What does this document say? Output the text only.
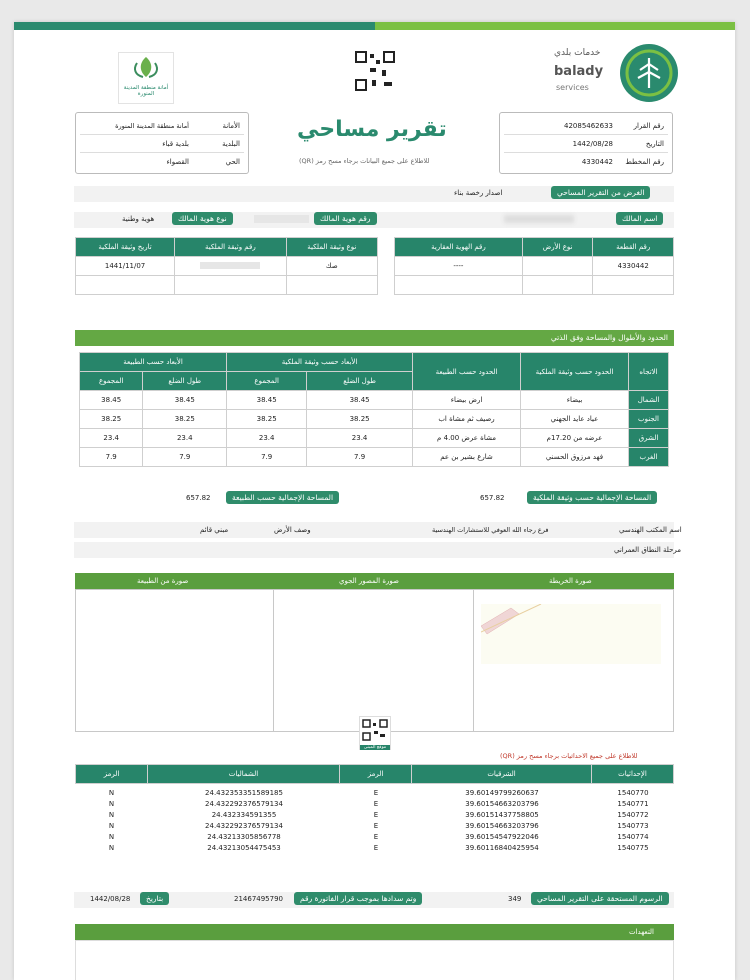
خدمات بلدي
balady
services
أمانة منطقة المدينة المنورة
تقرير مساحي
للاطلاع على جميع البيانات برجاء مسح رمز (QR)
رقم القرار
42085462633
التاريخ
1442/08/28
رقم المخطط
4330442
الأمانة
أمانة منطقة المدينة المنورة
البلدية
بلدية قباء
الحي
القصواء
الغرض من التقرير المساحي
اصدار رخصة بناء
اسم المالك
رقم هوية المالك
نوع هوية المالك
هوية وطنية
نوع وثيقة الملكية	رقم وثيقة الملكية	تاريخ وثيقة الملكية
صك		1441/11/07

رقم القطعة	نوع الأرض	رقم الهوية العقارية
4330442		----

الحدود والأطوال والمساحة وفق الذتي
الاتجاه	الحدود حسب وثيقة الملكية	الحدود حسب الطبيعة	الأبعاد حسب وثيقة الملكية		الأبعاد حسب الطبيعة	
			طول الضلع	المجموع	طول الضلع	المجموع
الشمال	بيضاء	ارض بيضاء	38.45	38.45	38.45	38.45
الجنوب	عياد عايد الجهني	رصيف ثم مشاة اب	38.25	38.25	38.25	38.25
الشرق	عرضه من 17.20م	مشاة عرض 4.00 م	23.4	23.4	23.4	23.4
الغرب	فهد مرزوق الحسني	شارع بشير بن عم	7.9	7.9	7.9	7.9
المساحة الإجمالية حسب وثيقة الملكية
657.82
المساحة الإجمالية حسب الطبيعة
657.82
اسم المكتب الهندسي
فرع رجاء الله العوفي للاستشارات الهندسية
وصف الأرض
مبني قائم
مرحلة النطاق العمراني
صورة الخريطة
صورة المصور الجوي
صورة من الطبيعة
موقع المبنى
للاطلاع على جميع الاحداثيات برجاء مسح رمز (QR)
الإحداثيات	الشرقيات	الرمز	الشماليات	الرمز
1540770	39.60149799260637	E	24.432353351589185	N
1540771	39.60154663203796	E	24.432292376579134	N
1540772	39.60151437758805	E	24.432334591355	N
1540773	39.60154663203796	E	24.432292376579134	N
1540774	39.60154547922046	E	24.43213305856778	N
1540775	39.60116840425954	E	24.43213054475453	N
الرسوم المستحقة على التقرير المساحي
349
وتم سدادها بموجب قرار الفاتورة رقم
21467495790
بتاريخ
1442/08/28
التعهدات
